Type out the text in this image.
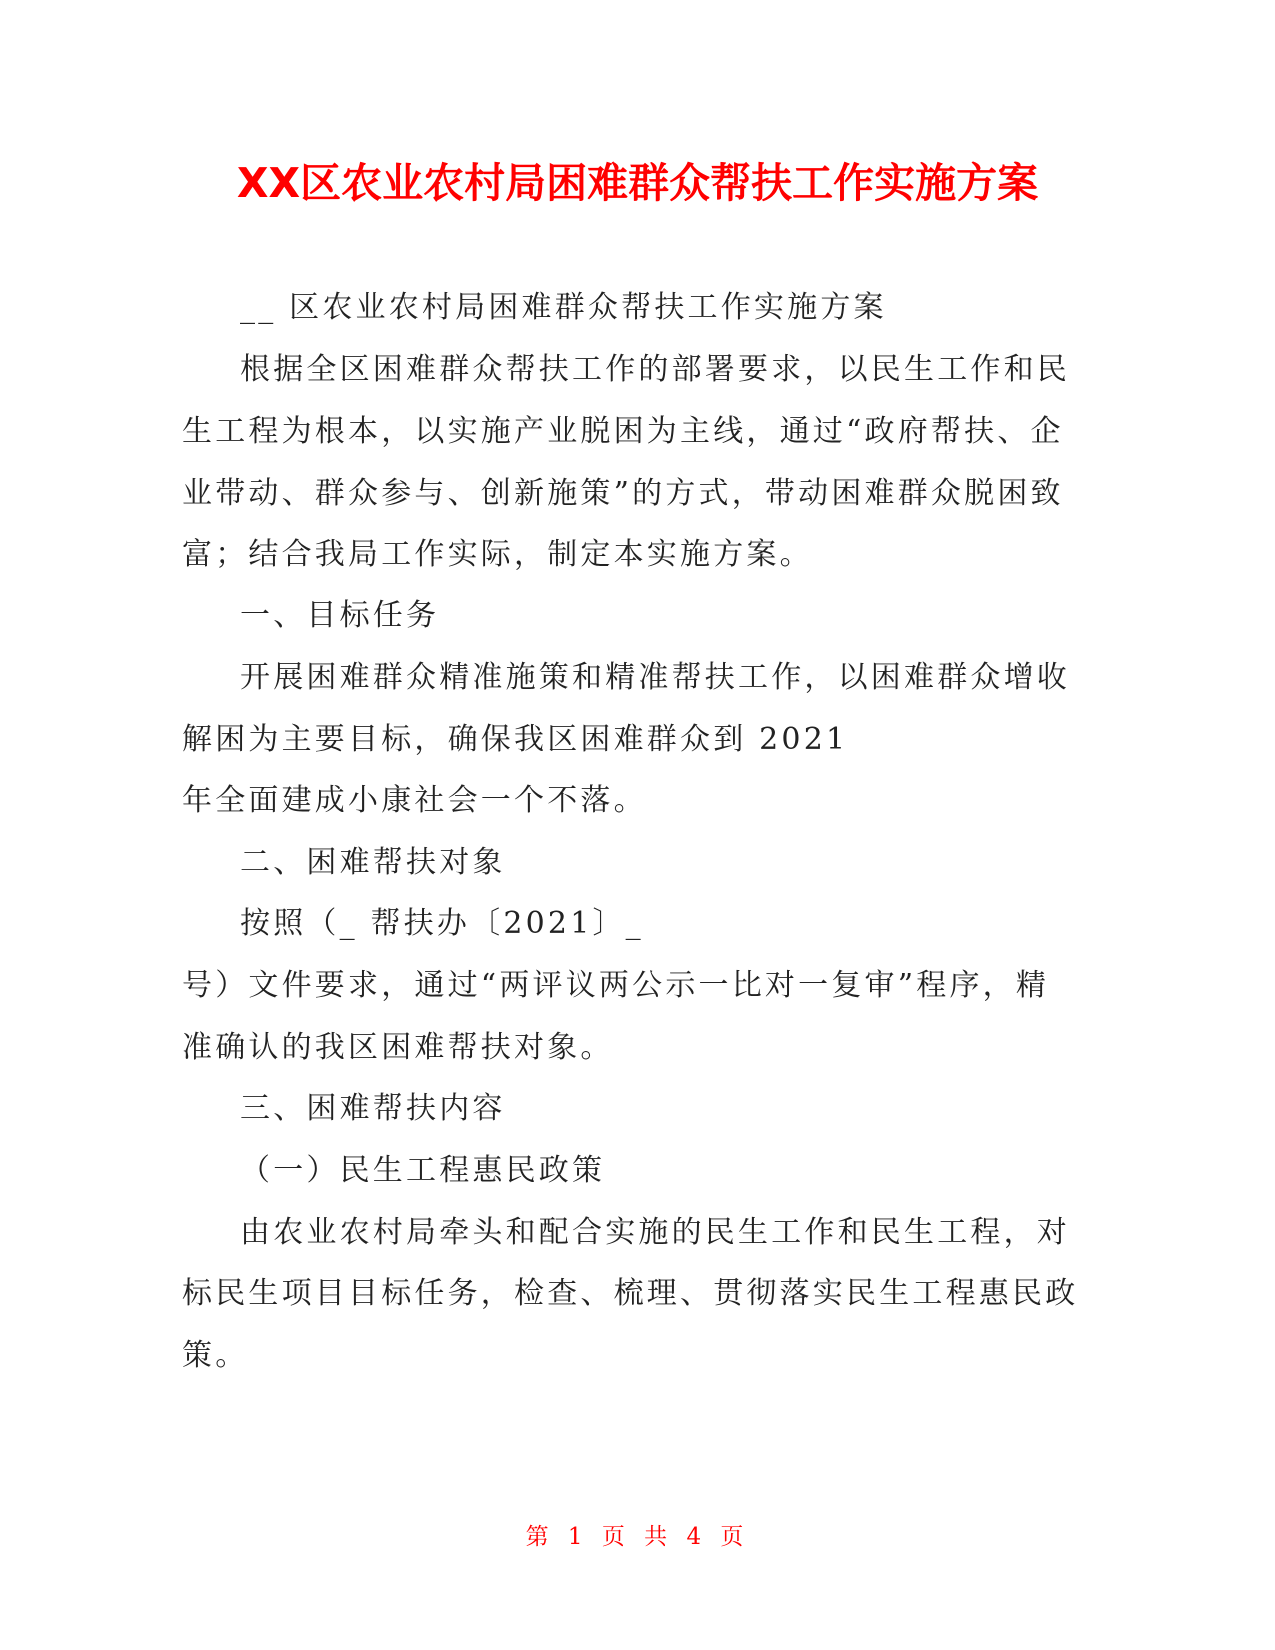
XX区农业农村局困难群众帮扶工作实施方案

__ 区农业农村局困难群众帮扶工作实施方案

根据全区困难群众帮扶工作的部署要求，以民生工作和民

生工程为根本，以实施产业脱困为主线，通过“政府帮扶、企

业带动、群众参与、创新施策”的方式，带动困难群众脱困致

富；结合我局工作实际，制定本实施方案。

一、目标任务

开展困难群众精准施策和精准帮扶工作，以困难群众增收

解困为主要目标，确保我区困难群众到 2021

年全面建成小康社会一个不落。

二、困难帮扶对象

按照（_ 帮扶办〔2021〕_

号）文件要求，通过“两评议两公示一比对一复审”程序，精

准确认的我区困难帮扶对象。

三、困难帮扶内容

（一）民生工程惠民政策

由农业农村局牵头和配合实施的民生工作和民生工程，对

标民生项目目标任务，检查、梳理、贯彻落实民生工程惠民政

策。

第 1 页 共 4 页
